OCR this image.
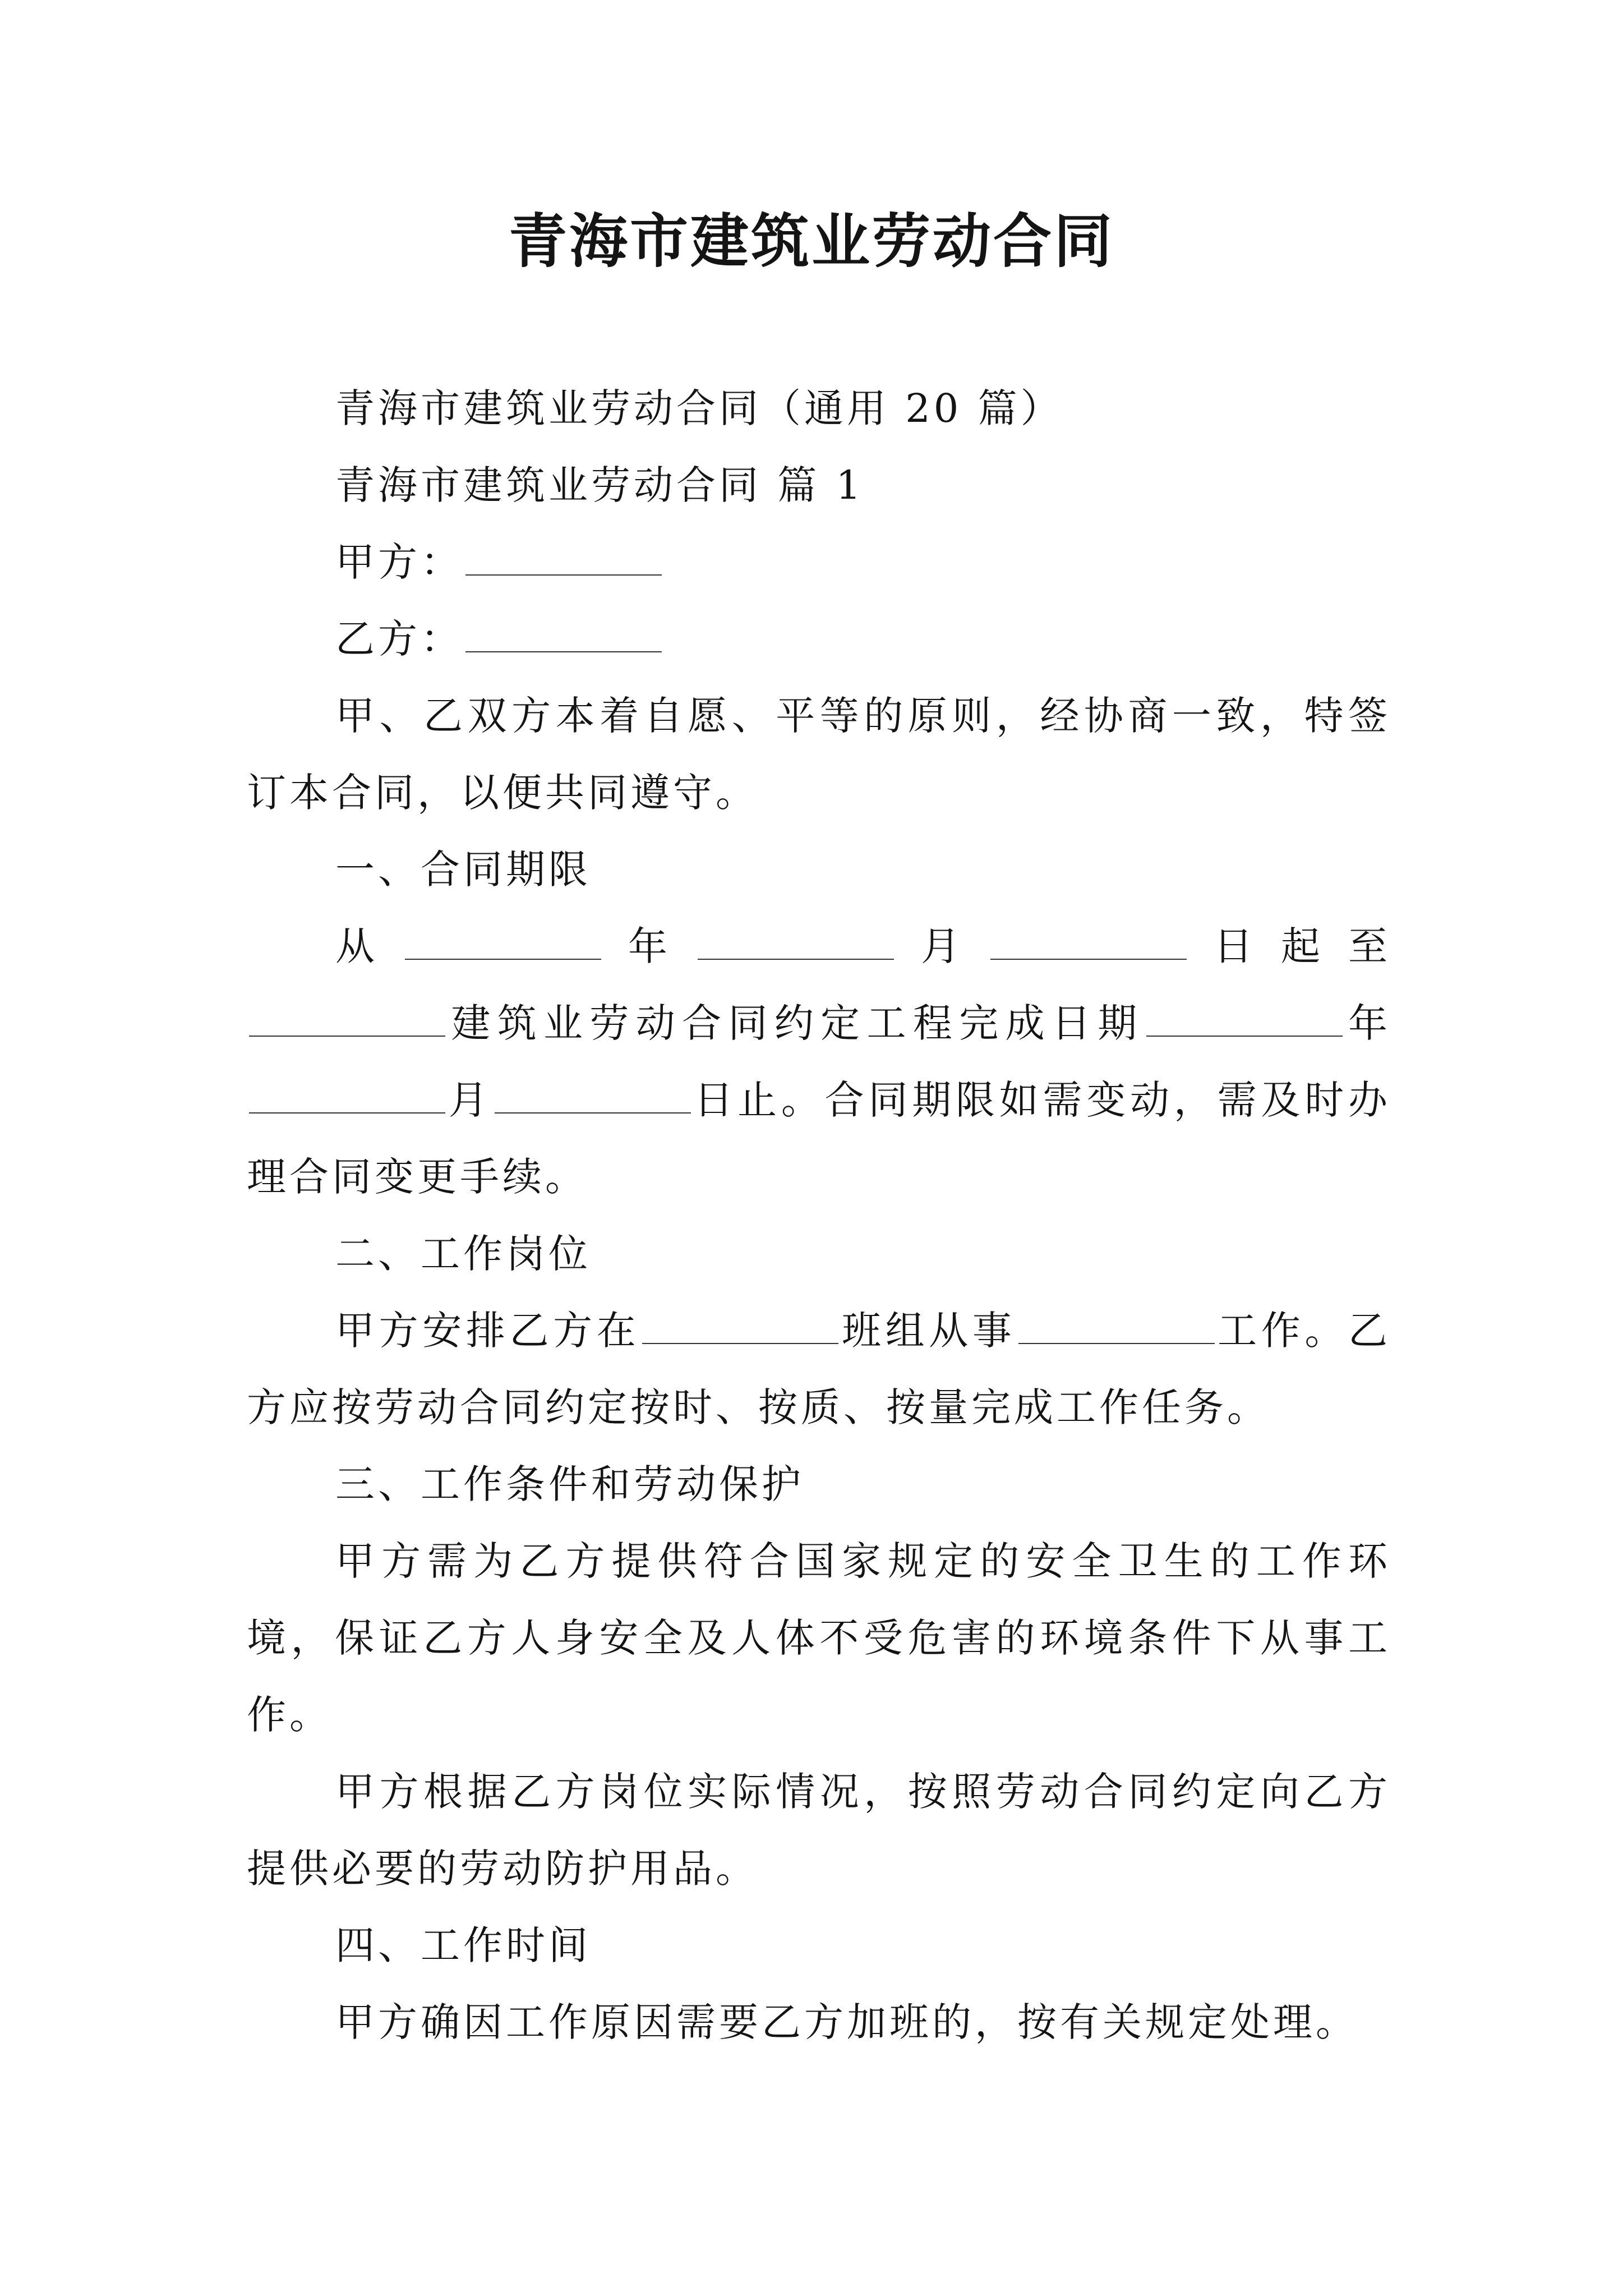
青海市建筑业劳动合同

青海市建筑业劳动合同（通用 20 篇）

青海市建筑业劳动合同 篇 1

甲方：

乙方：

甲、乙双方本着自愿、平等的原则，经协商一致，特签订本合同，以便共同遵守。

一、合同期限

从	年	月	日起至建筑业劳动合同约定工程完成日期	年月	日止。合同期限如需变动，需及时办理合同变更手续。

二、工作岗位

甲方安排乙方在	班组从事	工作。乙方应按劳动合同约定按时、按质、按量完成工作任务。

三、工作条件和劳动保护

甲方需为乙方提供符合国家规定的安全卫生的工作环境，保证乙方人身安全及人体不受危害的环境条件下从事工作。

甲方根据乙方岗位实际情况，按照劳动合同约定向乙方提供必要的劳动防护用品。

四、工作时间

甲方确因工作原因需要乙方加班的，按有关规定处理。
